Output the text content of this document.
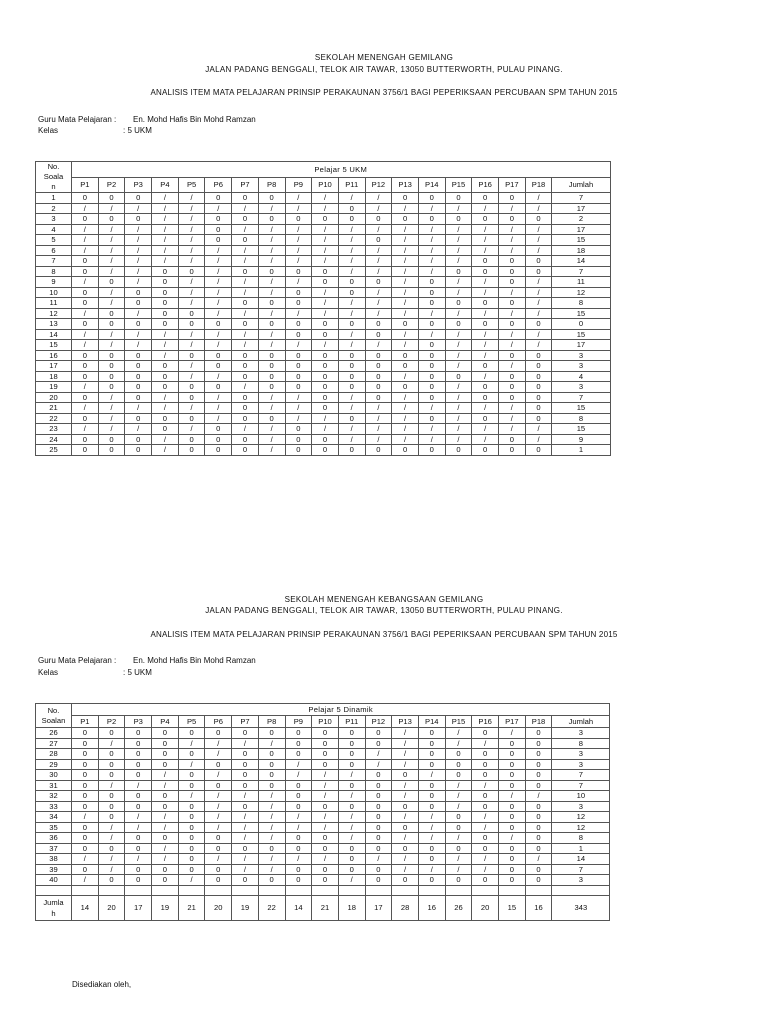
SEKOLAH MENENGAH GEMILANG
JALAN PADANG BENGGALI, TELOK AIR TAWAR, 13050 BUTTERWORTH, PULAU PINANG.
ANALISIS ITEM MATA PELAJARAN PRINSIP PERAKAUNAN 3756/1 BAGI PEPERIKSAAN PERCUBAAN SPM TAHUN 2015
Guru Mata Pelajaran : En. Mohd Hafis Bin Mohd Ramzan
Kelas	: 5 UKM
No.
Soala
n	Pelajar 5 UKM																		
	P1	P2	P3	P4	P5	P6	P7	P8	P9	P10	P11	P12	P13	P14	P15	P16	P17	P18	Jumlah
1	0	0	0	/	/	0	0	0	/	/	/	/	0	0	0	0	0	/	7
2	/	/	/	/	/	/	/	/	/	/	0	/	/	/	/	/	/	/	17
3	0	0	0	/	/	0	0	0	0	0	0	0	0	0	0	0	0	0	2
4	/	/	/	/	/	0	/	/	/	/	/	/	/	/	/	/	/	/	17
5	/	/	/	/	/	0	0	/	/	/	/	0	/	/	/	/	/	/	15
6	/	/	/	/	/	/	/	/	/	/	/	/	/	/	/	/	/	/	18
7	0	/	/	/	/	/	/	/	/	/	/	/	/	/	/	0	0	0	14
8	0	/	/	0	0	/	0	0	0	0	/	/	/	/	0	0	0	0	7
9	/	0	/	0	/	/	/	/	/	0	0	0	/	0	/	/	0	/	11
10	0	/	0	0	/	/	/	/	0	/	0	/	/	0	/	/	/	/	12
11	0	/	0	0	/	/	0	0	0	/	/	/	/	0	0	0	0	/	8
12	/	0	/	0	0	/	/	/	/	/	/	/	/	/	/	/	/	/	15
13	0	0	0	0	0	0	0	0	0	0	0	0	0	0	0	0	0	0	0
14	/	/	/	/	/	/	/	/	0	0	/	0	/	/	/	/	/	/	15
15	/	/	/	/	/	/	/	/	/	/	/	/	/	0	/	/	/	/	17
16	0	0	0	/	0	0	0	0	0	0	0	0	0	0	/	/	0	0	3
17	0	0	0	0	/	0	0	0	0	0	0	0	0	0	/	0	/	0	3
18	0	0	0	0	/	/	0	0	0	0	0	0	/	0	0	/	0	0	4
19	/	0	0	0	0	0	/	0	0	0	0	0	0	0	/	0	0	0	3
20	0	/	0	/	0	/	0	/	/	0	/	0	/	0	/	0	0	0	7
21	/	/	/	/	/	/	0	/	/	0	/	/	/	/	/	/	/	0	15
22	0	/	0	0	0	/	0	0	/	/	0	/	/	0	/	0	/	0	8
23	/	/	/	0	/	0	/	/	0	/	/	/	/	/	/	/	/	/	15
24	0	0	0	/	0	0	0	/	0	0	/	/	/	/	/	/	0	/	9
25	0	0	0	/	0	0	0	/	0	0	0	0	0	0	0	0	0	0	1
SEKOLAH MENENGAH KEBANGSAAN GEMILANG
JALAN PADANG BENGGALI, TELOK AIR TAWAR, 13050 BUTTERWORTH, PULAU PINANG.
ANALISIS ITEM MATA PELAJARAN PRINSIP PERAKAUNAN 3756/1 BAGI PEPERIKSAAN PERCUBAAN SPM TAHUN 2015
Guru Mata Pelajaran : En. Mohd Hafis Bin Mohd Ramzan
Kelas	: 5 UKM
No.
Soalan	Pelajar 5 Dinamik																		
	P1	P2	P3	P4	P5	P6	P7	P8	P9	P10	P11	P12	P13	P14	P15	P16	P17	P18	Jumlah
26	0	0	0	0	0	0	0	0	0	0	0	0	/	0	/	0	/	0	3
27	0	/	0	0	/	/	/	/	0	0	0	0	/	0	/	/	0	0	8
28	0	0	0	0	0	/	0	0	0	0	0	/	/	0	0	0	0	0	3
29	0	0	0	0	/	0	0	0	/	0	0	/	/	0	0	0	0	0	3
30	0	0	0	/	0	/	0	0	/	/	/	0	0	/	0	0	0	0	7
31	0	/	/	/	0	0	0	0	0	/	0	0	/	0	/	/	0	0	7
32	0	0	0	0	/	/	/	/	0	/	/	0	/	0	/	0	/	/	10
33	0	0	0	0	0	/	0	/	0	0	0	0	0	0	/	0	0	0	3
34	/	0	/	/	0	/	/	/	/	/	/	0	/	/	0	/	0	0	12
35	0	/	/	/	0	/	/	/	/	/	/	0	0	/	0	/	0	0	12
36	0	/	0	0	0	0	/	/	0	0	/	0	/	/	/	0	/	0	8
37	0	0	0	/	0	0	0	0	0	0	0	0	0	0	0	0	0	0	1
38	/	/	/	/	0	/	/	/	/	/	0	/	/	0	/	/	0	/	14
39	0	/	0	0	0	0	/	/	0	0	0	0	/	/	/	/	0	0	7
40	/	0	0	0	/	0	0	0	0	0	/	0	0	0	0	0	0	0	3

Jumla
h	14	20	17	19	21	20	19	22	14	21	18	17	28	16	26	20	15	16	343
Disediakan oleh,
